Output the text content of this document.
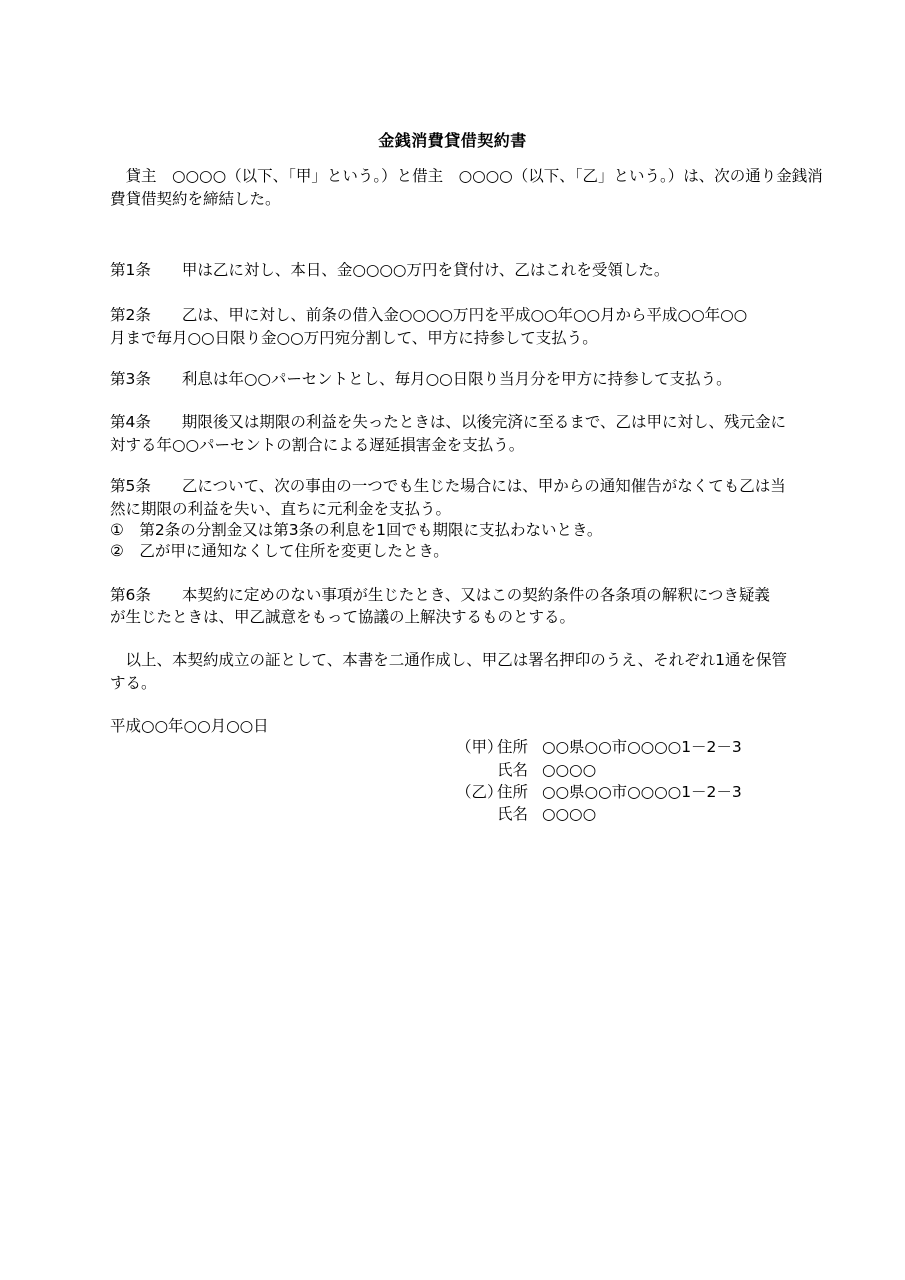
金銭消費貸借契約書
　貸主　○○○○（以下、「甲」という。）と借主　○○○○（以下、「乙」という。）は、次の通り金銭消
費貸借契約を締結した。
第1条　　甲は乙に対し、本日、金○○○○万円を貸付け、乙はこれを受領した。
第2条　　乙は、甲に対し、前条の借入金○○○○万円を平成○○年○○月から平成○○年○○
月まで毎月○○日限り金○○万円宛分割して、甲方に持参して支払う。
第3条　　利息は年○○パーセントとし、毎月○○日限り当月分を甲方に持参して支払う。
第4条　　期限後又は期限の利益を失ったときは、以後完済に至るまで、乙は甲に対し、残元金に
対する年○○パーセントの割合による遅延損害金を支払う。
第5条　　乙について、次の事由の一つでも生じた場合には、甲からの通知催告がなくても乙は当
然に期限の利益を失い、直ちに元利金を支払う。
①　第2条の分割金又は第3条の利息を1回でも期限に支払わないとき。
②　乙が甲に通知なくして住所を変更したとき。
第6条　　本契約に定めのない事項が生じたとき、又はこの契約条件の各条項の解釈につき疑義
が生じたときは、甲乙誠意をもって協議の上解決するものとする。
　以上、本契約成立の証として、本書を二通作成し、甲乙は署名押印のうえ、それぞれ1通を保管
する。
平成○○年○○月○○日
（甲）
住所 ○○県○○市○○○○1－2－3
氏名 ○○○○
（乙）
住所 ○○県○○市○○○○1－2－3
氏名 ○○○○
